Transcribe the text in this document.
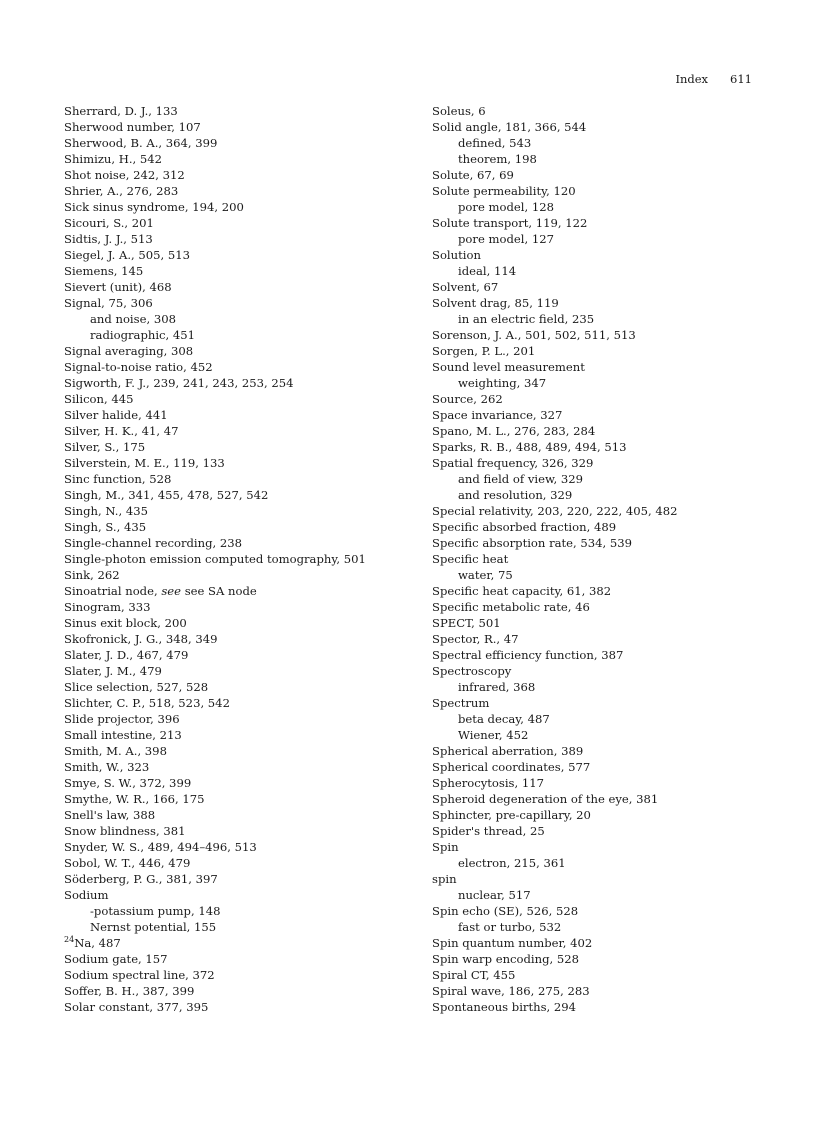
Index 611
Sherrard, D. J., 133
Sherwood number, 107
Sherwood, B. A., 364, 399
Shimizu, H., 542
Shot noise, 242, 312
Shrier, A., 276, 283
Sick sinus syndrome, 194, 200
Sicouri, S., 201
Sidtis, J. J., 513
Siegel, J. A., 505, 513
Siemens, 145
Sievert (unit), 468
Signal, 75, 306
and noise, 308
radiographic, 451
Signal averaging, 308
Signal-to-noise ratio, 452
Sigworth, F. J., 239, 241, 243, 253, 254
Silicon, 445
Silver halide, 441
Silver, H. K., 41, 47
Silver, S., 175
Silverstein, M. E., 119, 133
Sinc function, 528
Singh, M., 341, 455, 478, 527, 542
Singh, N., 435
Singh, S., 435
Single-channel recording, 238
Single-photon emission computed tomography, 501
Sink, 262
Sinoatrial node, see see SA node
Sinogram, 333
Sinus exit block, 200
Skofronick, J. G., 348, 349
Slater, J. D., 467, 479
Slater, J. M., 479
Slice selection, 527, 528
Slichter, C. P., 518, 523, 542
Slide projector, 396
Small intestine, 213
Smith, M. A., 398
Smith, W., 323
Smye, S. W., 372, 399
Smythe, W. R., 166, 175
Snell's law, 388
Snow blindness, 381
Snyder, W. S., 489, 494–496, 513
Sobol, W. T., 446, 479
Söderberg, P. G., 381, 397
Sodium
-potassium pump, 148
Nernst potential, 155
$^{24}$Na, 487
Sodium gate, 157
Sodium spectral line, 372
Soffer, B. H., 387, 399
Solar constant, 377, 395
Soleus, 6
Solid angle, 181, 366, 544
defined, 543
theorem, 198
Solute, 67, 69
Solute permeability, 120
pore model, 128
Solute transport, 119, 122
pore model, 127
Solution
ideal, 114
Solvent, 67
Solvent drag, 85, 119
in an electric field, 235
Sorenson, J. A., 501, 502, 511, 513
Sorgen, P. L., 201
Sound level measurement
weighting, 347
Source, 262
Space invariance, 327
Spano, M. L., 276, 283, 284
Sparks, R. B., 488, 489, 494, 513
Spatial frequency, 326, 329
and field of view, 329
and resolution, 329
Special relativity, 203, 220, 222, 405, 482
Specific absorbed fraction, 489
Specific absorption rate, 534, 539
Specific heat
water, 75
Specific heat capacity, 61, 382
Specific metabolic rate, 46
SPECT, 501
Spector, R., 47
Spectral efficiency function, 387
Spectroscopy
infrared, 368
Spectrum
beta decay, 487
Wiener, 452
Spherical aberration, 389
Spherical coordinates, 577
Spherocytosis, 117
Spheroid degeneration of the eye, 381
Sphincter, pre-capillary, 20
Spider's thread, 25
Spin
electron, 215, 361
spin
nuclear, 517
Spin echo (SE), 526, 528
fast or turbo, 532
Spin quantum number, 402
Spin warp encoding, 528
Spiral CT, 455
Spiral wave, 186, 275, 283
Spontaneous births, 294
